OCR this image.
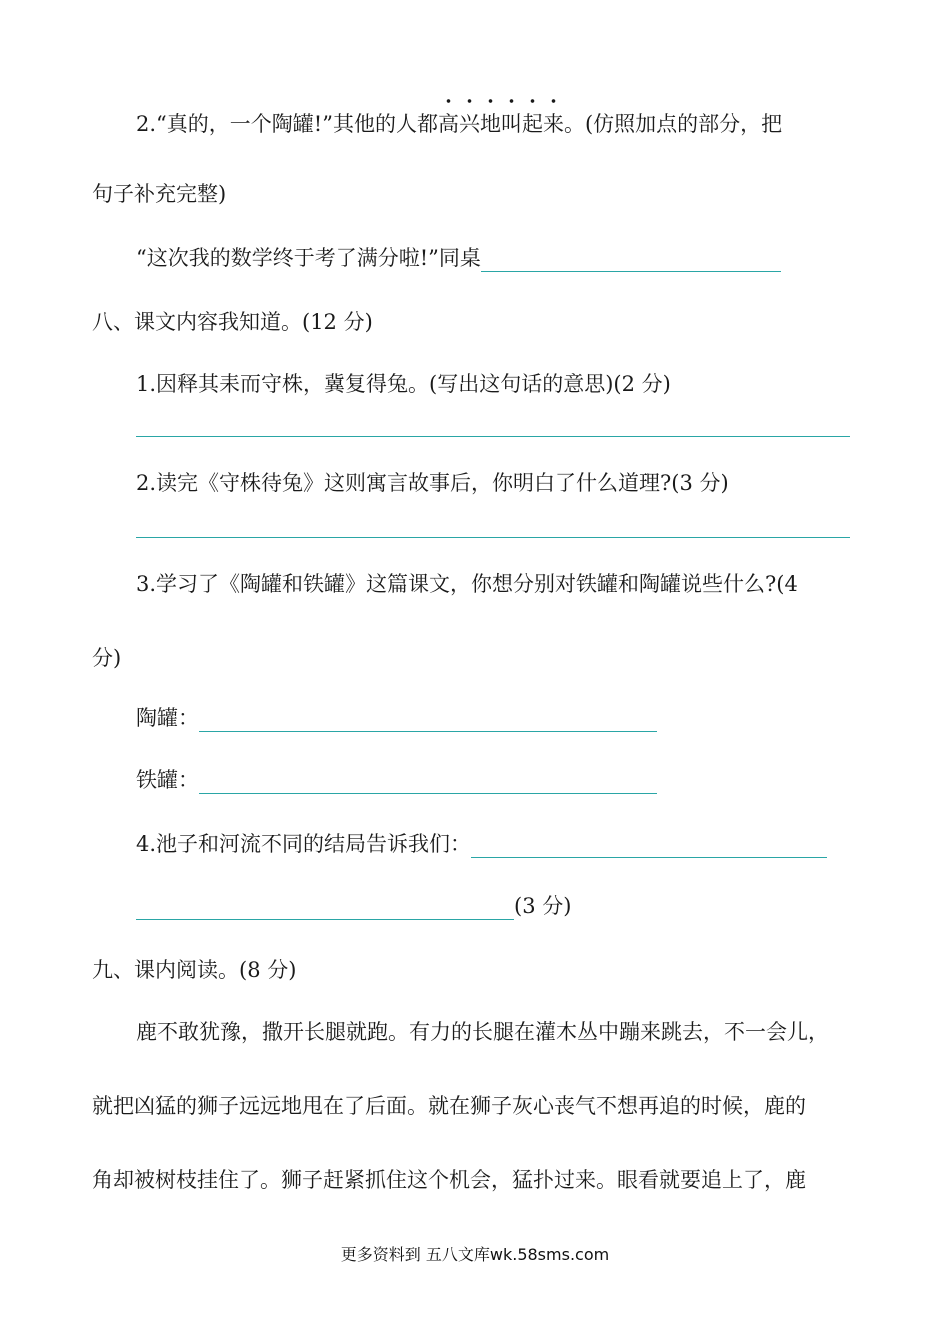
2.“真的，一个陶罐!”其他的人都高兴地叫起来。(仿照加点的部分，把
句子补充完整)
“这次我的数学终于考了满分啦!”同桌
八、课文内容我知道。(12 分)
1.因释其耒而守株，冀复得兔。(写出这句话的意思)(2 分)
2.读完《守株待兔》这则寓言故事后，你明白了什么道理?(3 分)
3.学习了《陶罐和铁罐》这篇课文，你想分别对铁罐和陶罐说些什么?(4
分)
陶罐：
铁罐：
4.池子和河流不同的结局告诉我们：
(3 分)
九、课内阅读。(8 分)
鹿不敢犹豫，撒开长腿就跑。有力的长腿在灌木丛中蹦来跳去，不一会儿，
就把凶猛的狮子远远地甩在了后面。就在狮子灰心丧气不想再追的时候，鹿的
角却被树枝挂住了。狮子赶紧抓住这个机会，猛扑过来。眼看就要追上了，鹿
更多资料到 五八文库wk.58sms.com
